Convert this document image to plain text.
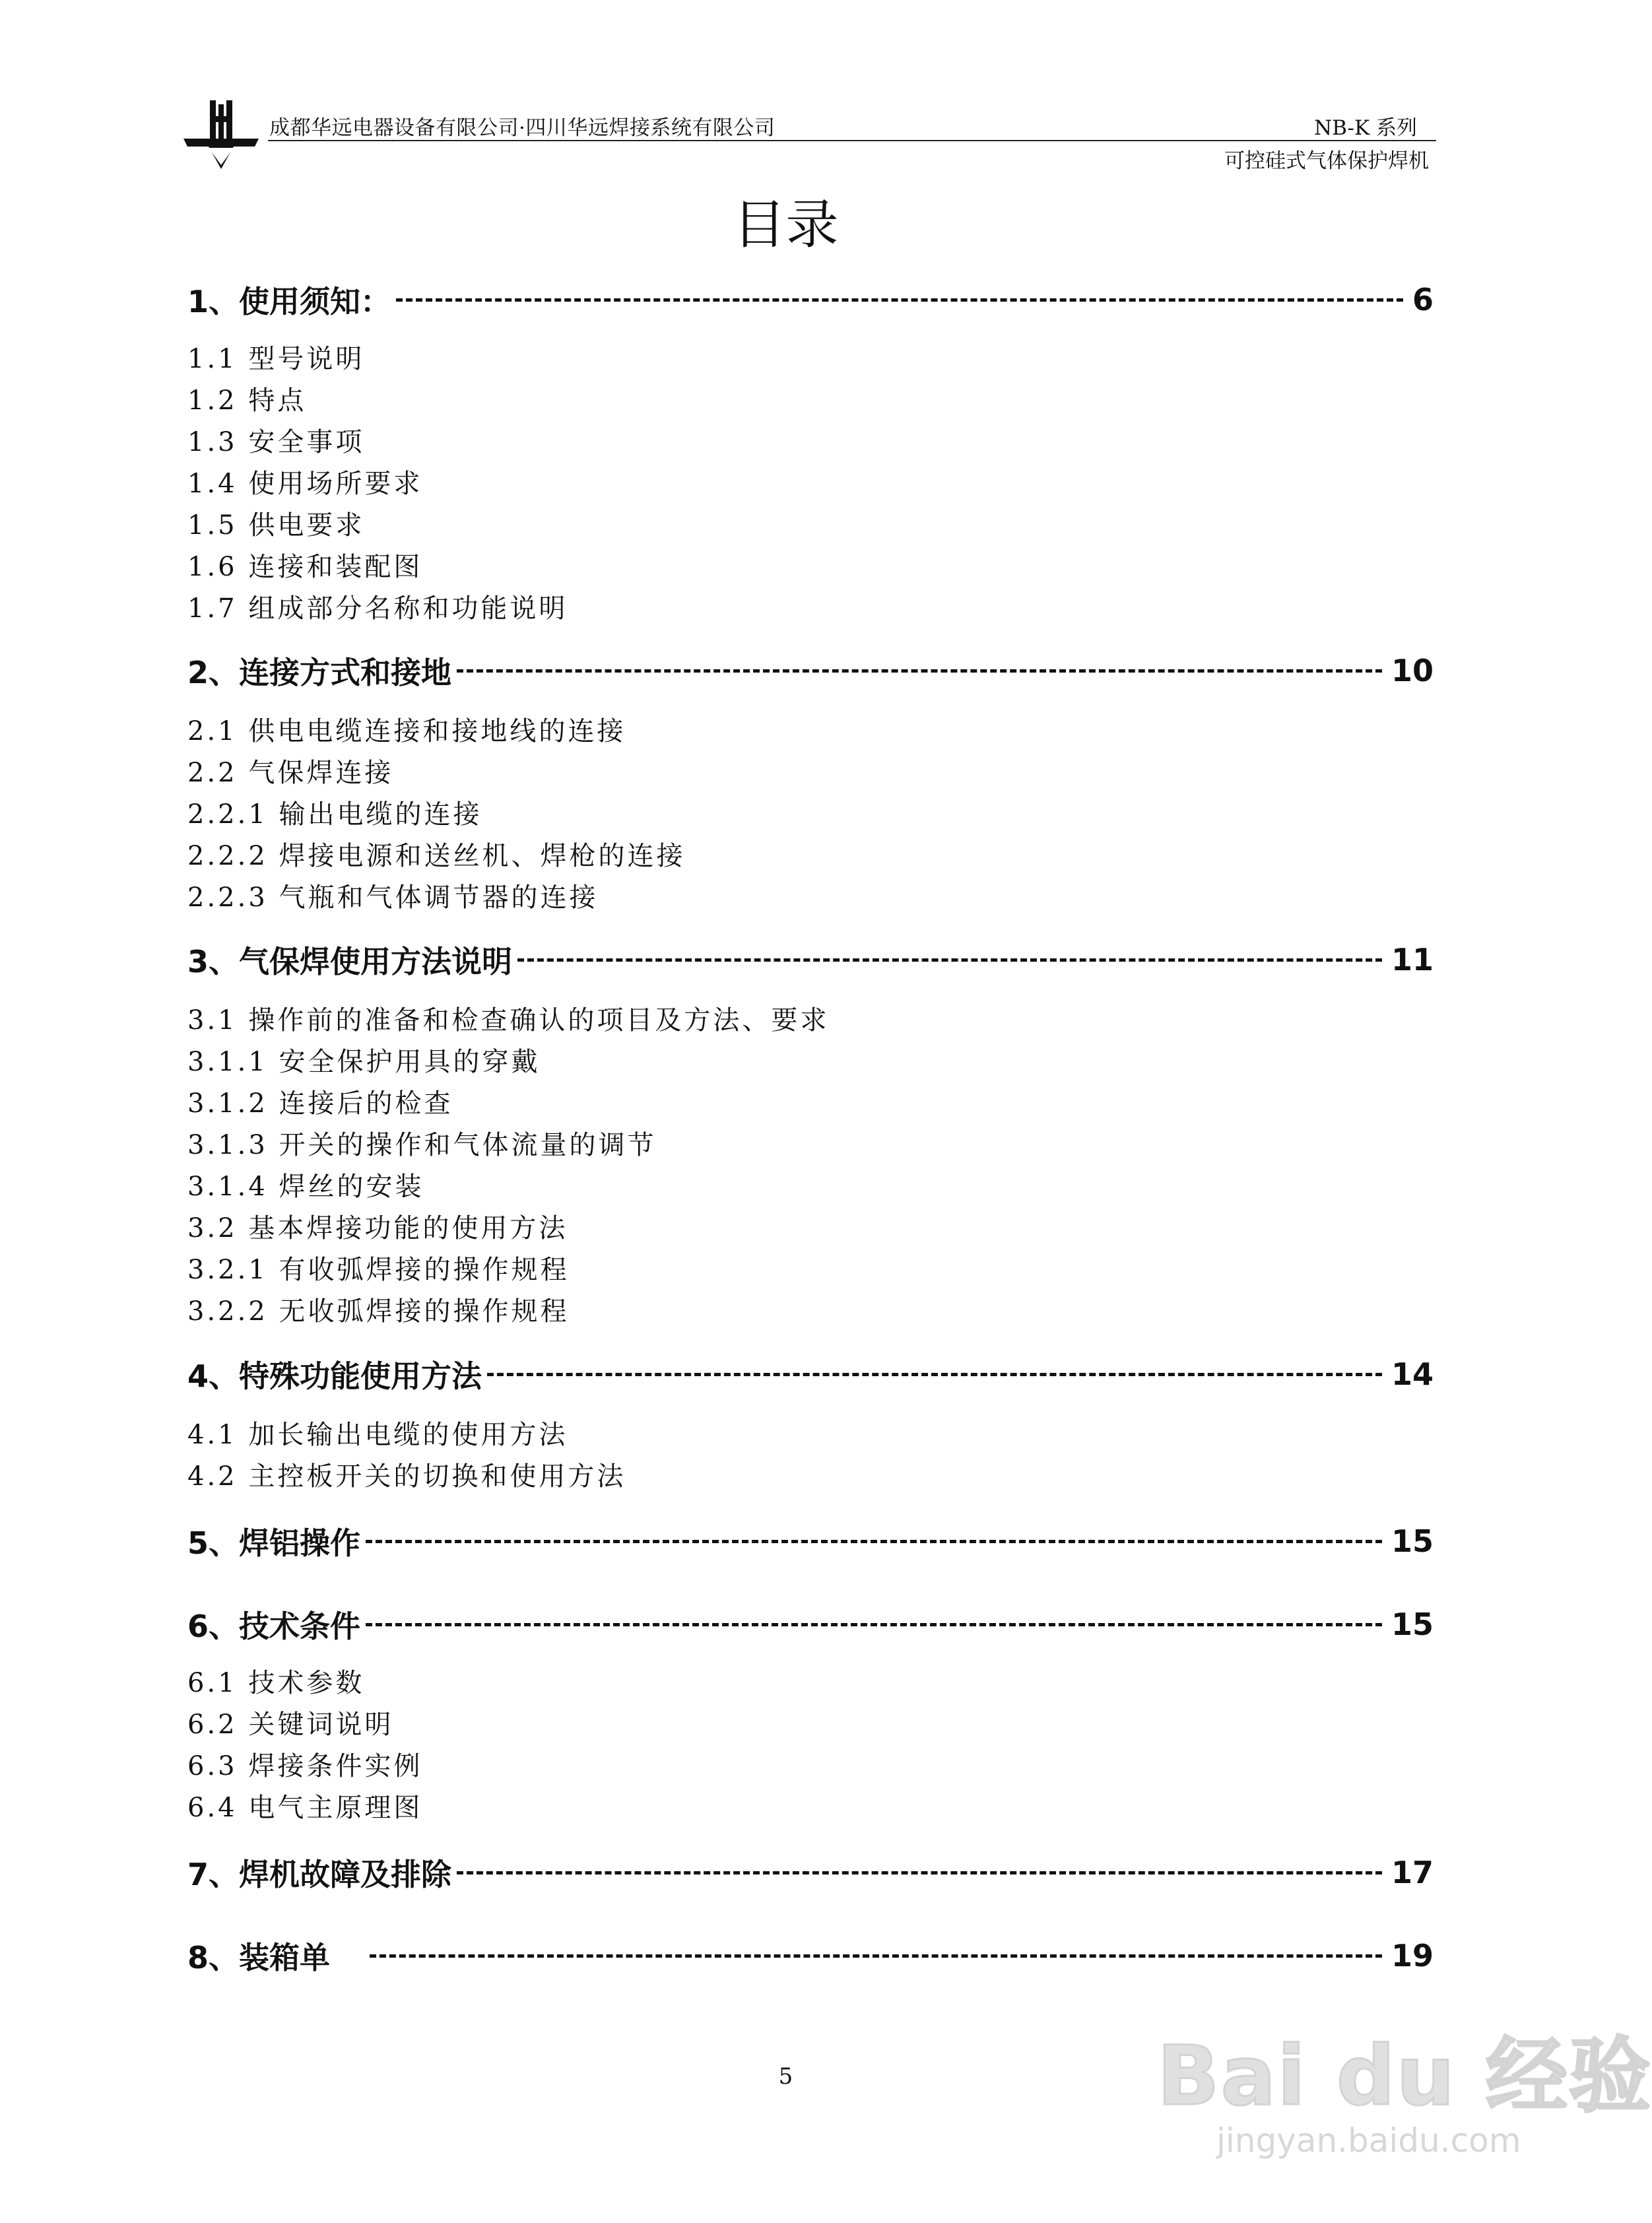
成都华远电器设备有限公司·四川华远焊接系统有限公司	NB-K 系列
可控硅式气体保护焊机
目录
1、使用须知：	6
1.1 型号说明
1.2 特点
1.3 安全事项
1.4 使用场所要求
1.5 供电要求
1.6 连接和装配图
1.7 组成部分名称和功能说明
2、连接方式和接地	10
2.1 供电电缆连接和接地线的连接
2.2 气保焊连接
2.2.1 输出电缆的连接
2.2.2 焊接电源和送丝机、焊枪的连接
2.2.3 气瓶和气体调节器的连接
3、气保焊使用方法说明	11
3.1 操作前的准备和检查确认的项目及方法、要求
3.1.1 安全保护用具的穿戴
3.1.2 连接后的检查
3.1.3 开关的操作和气体流量的调节
3.1.4 焊丝的安装
3.2 基本焊接功能的使用方法
3.2.1 有收弧焊接的操作规程
3.2.2 无收弧焊接的操作规程
4、特殊功能使用方法	14
4.1 加长输出电缆的使用方法
4.2 主控板开关的切换和使用方法
5、焊铝操作	15
6、技术条件	15
6.1 技术参数
6.2 关键词说明
6.3 焊接条件实例
6.4 电气主原理图
7、焊机故障及排除	17
8、装箱单	19
5	Bai du 经验
jingyan.baidu.com
